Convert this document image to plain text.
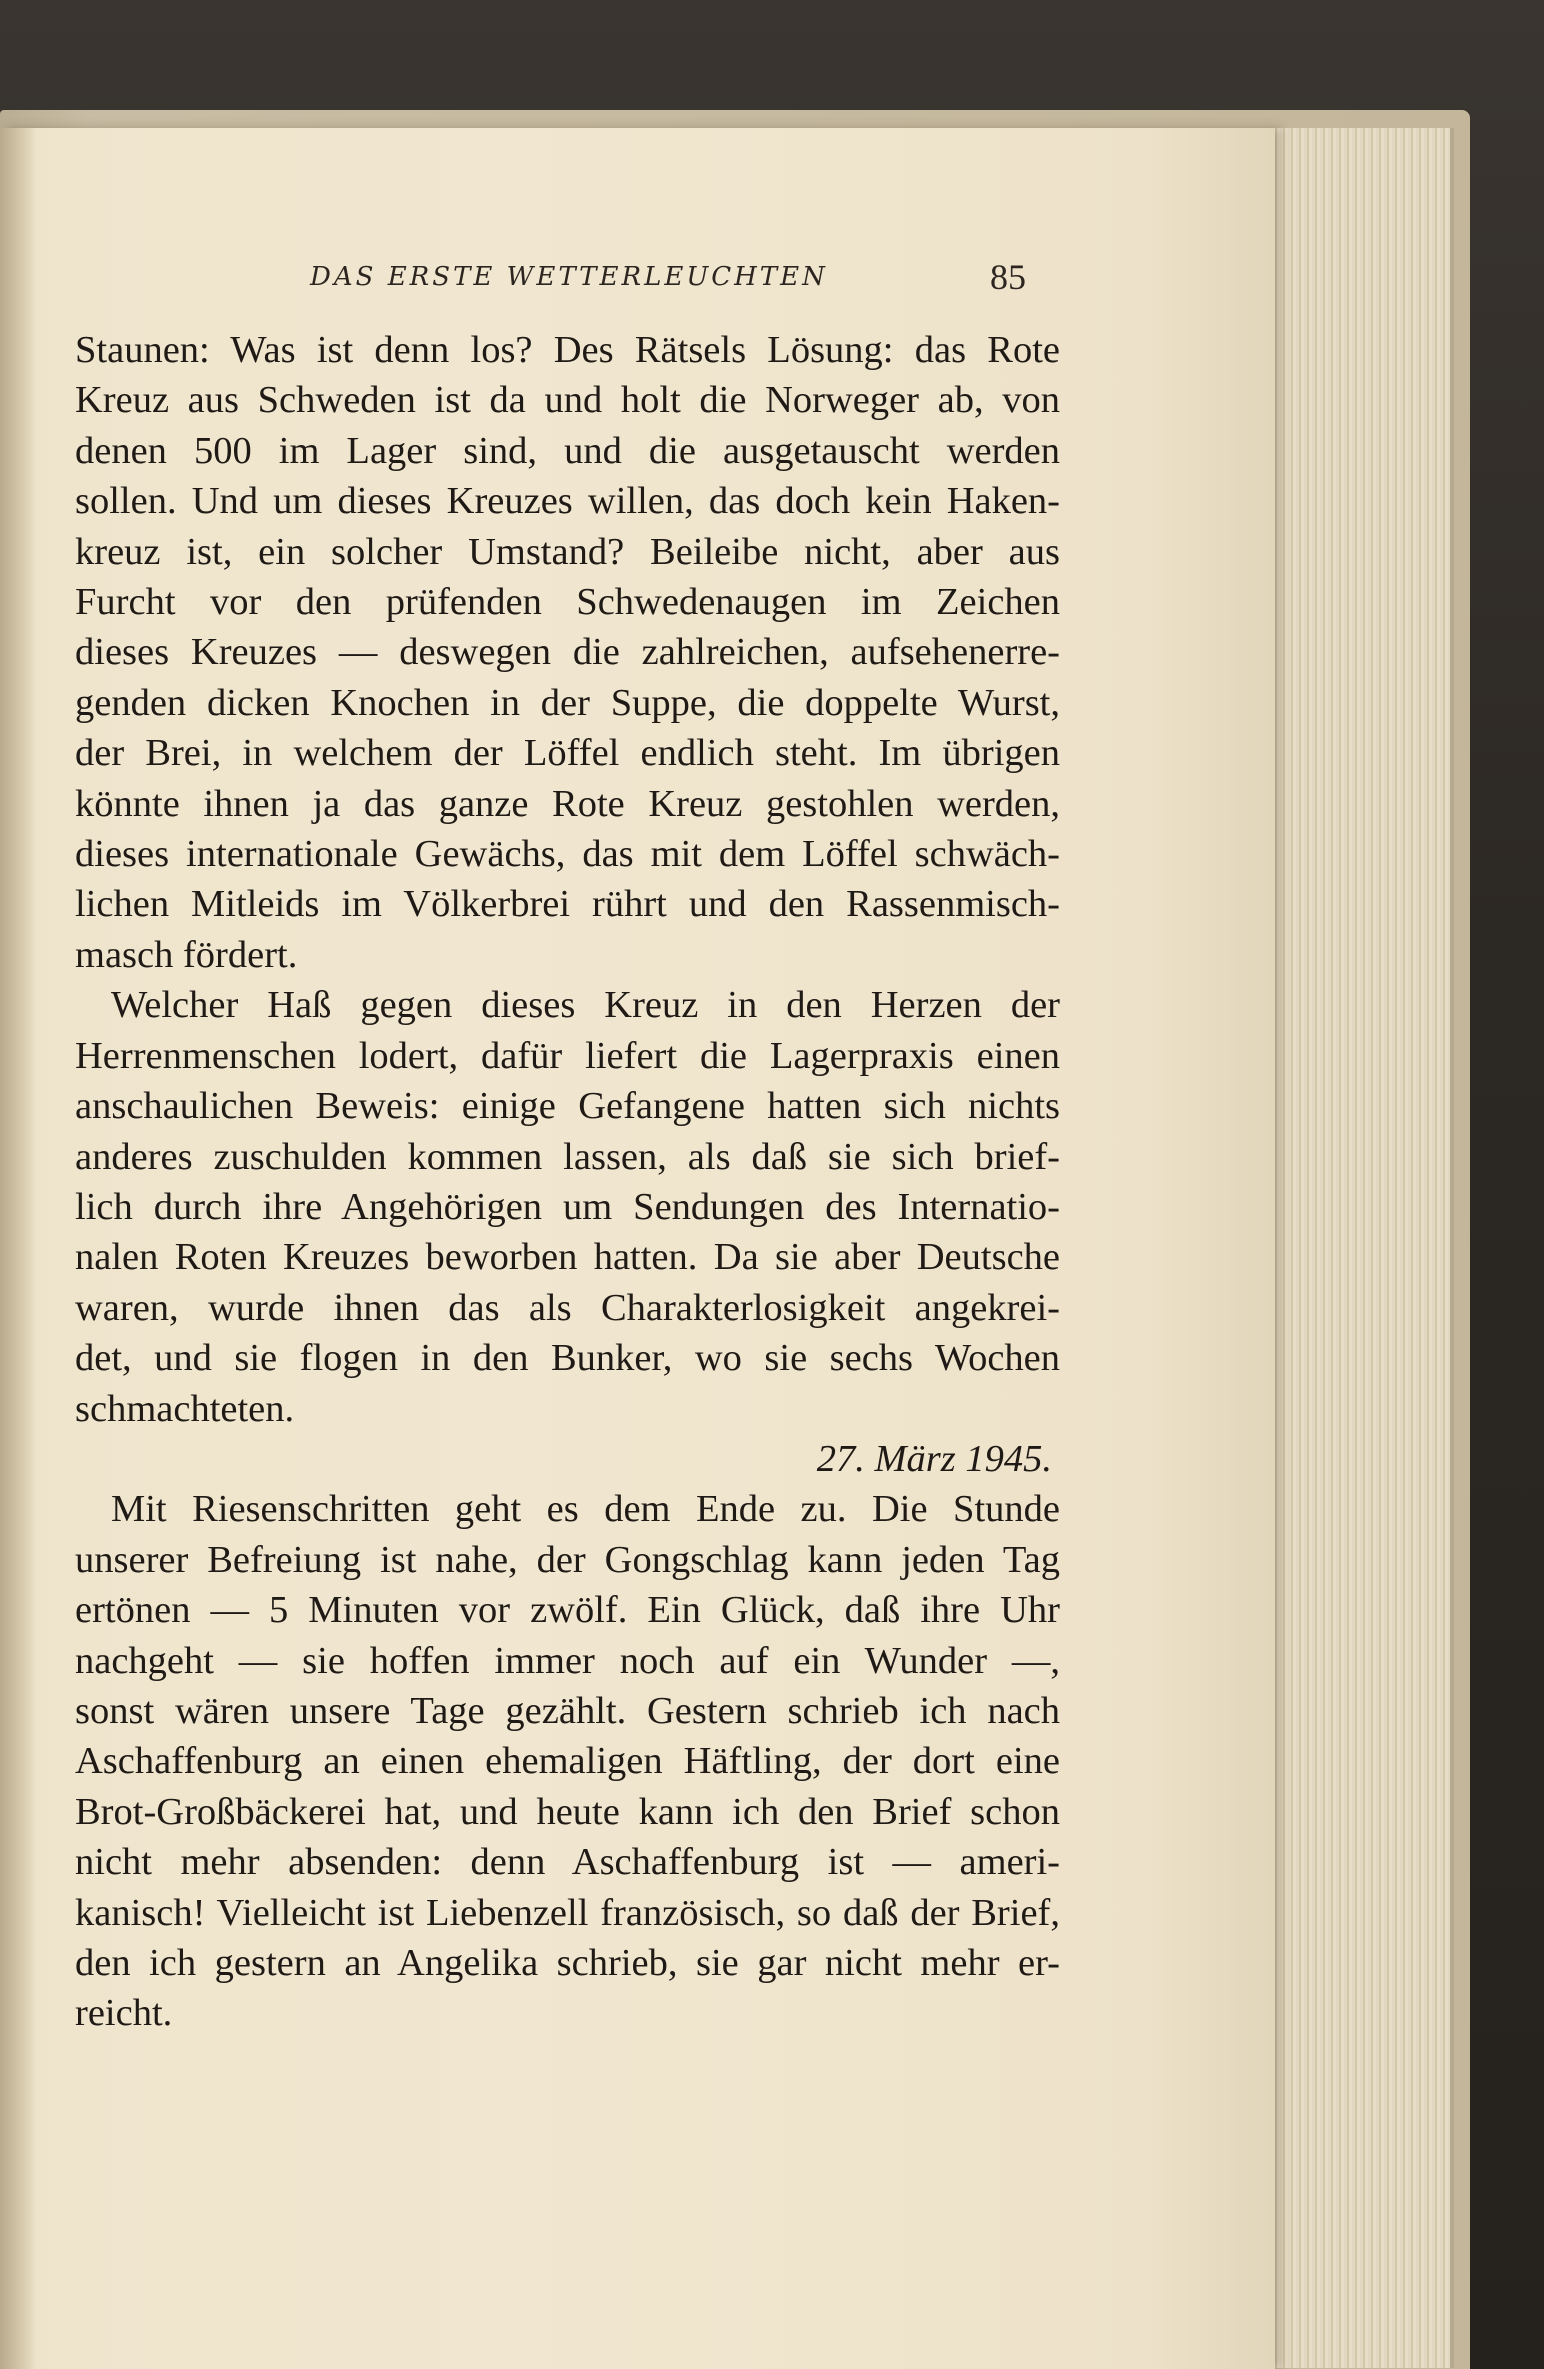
DAS ERSTE WETTERLEUCHTEN	85
Staunen: Was ist denn los? Des Rätsels Lösung: das Rote
Kreuz aus Schweden ist da und holt die Norweger ab, von
denen 500 im Lager sind, und die ausgetauscht werden
sollen. Und um dieses Kreuzes willen, das doch kein Haken-
kreuz ist, ein solcher Umstand? Beileibe nicht, aber aus
Furcht vor den prüfenden Schwedenaugen im Zeichen
dieses Kreuzes — deswegen die zahlreichen, aufsehenerre-
genden dicken Knochen in der Suppe, die doppelte Wurst,
der Brei, in welchem der Löffel endlich steht. Im übrigen
könnte ihnen ja das ganze Rote Kreuz gestohlen werden,
dieses internationale Gewächs, das mit dem Löffel schwäch-
lichen Mitleids im Völkerbrei rührt und den Rassenmisch-
masch fördert.
Welcher Haß gegen dieses Kreuz in den Herzen der
Herrenmenschen lodert, dafür liefert die Lagerpraxis einen
anschaulichen Beweis: einige Gefangene hatten sich nichts
anderes zuschulden kommen lassen, als daß sie sich brief-
lich durch ihre Angehörigen um Sendungen des Internatio-
nalen Roten Kreuzes beworben hatten. Da sie aber Deutsche
waren, wurde ihnen das als Charakterlosigkeit angekrei-
det, und sie flogen in den Bunker, wo sie sechs Wochen
schmachteten.
27. März 1945.
Mit Riesenschritten geht es dem Ende zu. Die Stunde
unserer Befreiung ist nahe, der Gongschlag kann jeden Tag
ertönen — 5 Minuten vor zwölf. Ein Glück, daß ihre Uhr
nachgeht — sie hoffen immer noch auf ein Wunder —,
sonst wären unsere Tage gezählt. Gestern schrieb ich nach
Aschaffenburg an einen ehemaligen Häftling, der dort eine
Brot-Großbäckerei hat, und heute kann ich den Brief schon
nicht mehr absenden: denn Aschaffenburg ist — ameri-
kanisch! Vielleicht ist Liebenzell französisch, so daß der Brief,
den ich gestern an Angelika schrieb, sie gar nicht mehr er-
reicht.
